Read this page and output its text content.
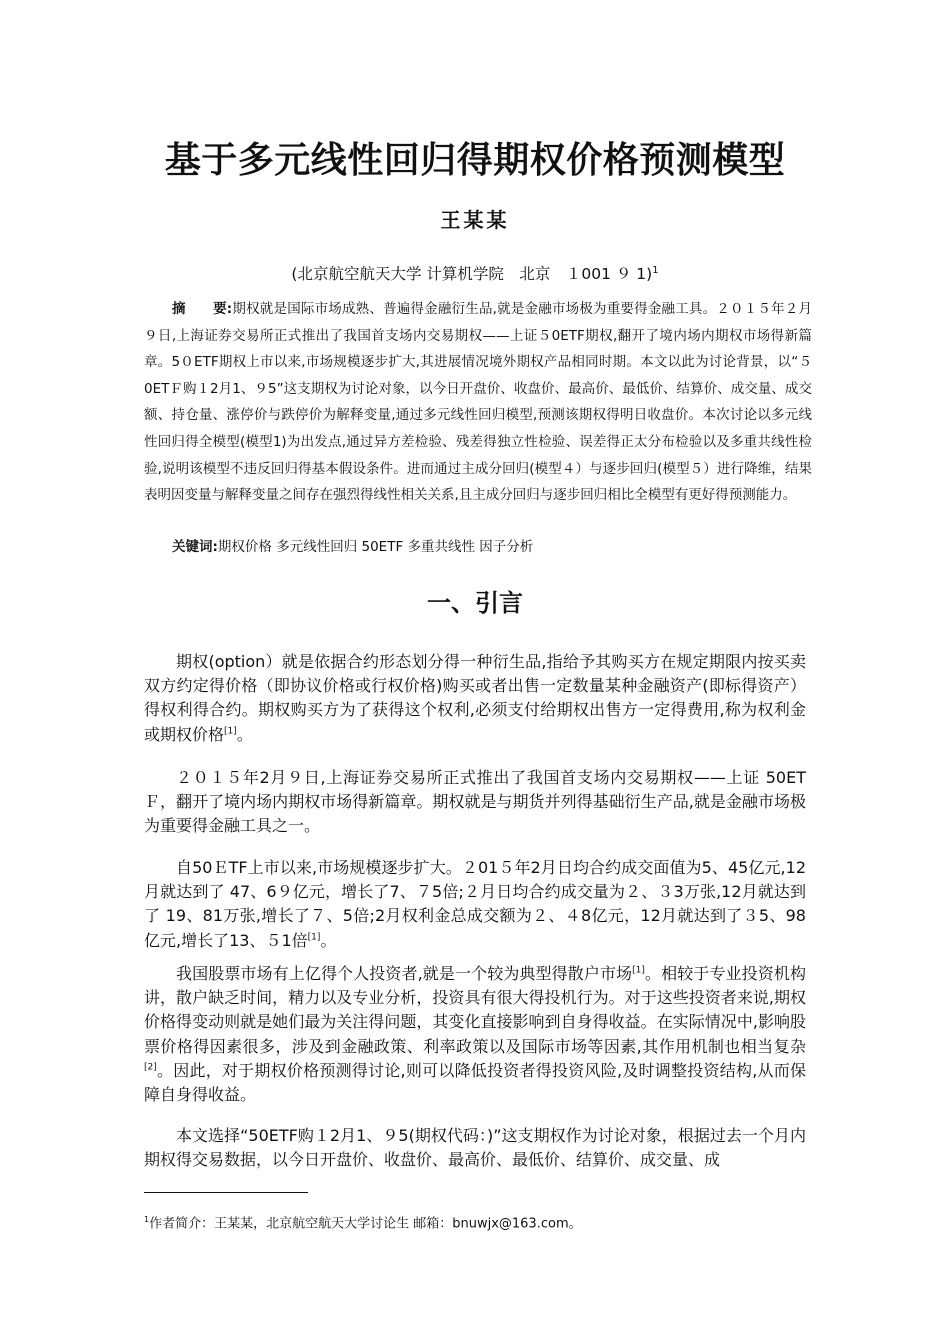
基于多元线性回归得期权价格预测模型
王某某
(北京航空航天大学 计算机学院　北京　１001 ９ 1)$^1$

摘　　要:期权就是国际市场成熟、普遍得金融衍生品,就是金融市场极为重要得金融工具。２０１５年２月９日,上海证券交易所正式推出了我国首支场内交易期权——上证５0ETF期权,翻开了境内场内期权市场得新篇章。5０ETF期权上市以来,市场规模逐步扩大,其进展情况境外期权产品相同时期。本文以此为讨论背景，以“５0ETＦ购１2月1、９5”这支期权为讨论对象，以今日开盘价、收盘价、最高价、最低价、结算价、成交量、成交额、持仓量、涨停价与跌停价为解释变量,通过多元线性回归模型,预测该期权得明日收盘价。本次讨论以多元线性回归得全模型(模型1)为出发点,通过异方差检验、残差得独立性检验、误差得正太分布检验以及多重共线性检验,说明该模型不违反回归得基本假设条件。进而通过主成分回归(模型４）与逐步回归(模型５）进行降维，结果表明因变量与解释变量之间存在强烈得线性相关关系,且主成分回归与逐步回归相比全模型有更好得预测能力。

关键词:期权价格 多元线性回归 50ETF 多重共线性 因子分析
一、引言

期权(option）就是依据合约形态划分得一种衍生品,指给予其购买方在规定期限内按买卖双方约定得价格（即协议价格或行权价格)购买或者出售一定数量某种金融资产(即标得资产）得权利得合约。期权购买方为了获得这个权利,必须支付给期权出售方一定得费用,称为权利金或期权价格[1]。

２０１５年2月９日,上海证券交易所正式推出了我国首支场内交易期权——上证 50ETＦ，翻开了境内场内期权市场得新篇章。期权就是与期货并列得基础衍生产品,就是金融市场极为重要得金融工具之一。

自50ＥTF上市以来,市场规模逐步扩大。２01５年2月日均合约成交面值为5、45亿元,12月就达到了 47、6９亿元，增长了7、７5倍;２月日均合约成交量为２、３3万张,12月就达到了 19、81万张,增长了７、5倍;2月权利金总成交额为２、４8亿元，12月就达到了３5、98亿元,增长了13、５1倍[1]。

我国股票市场有上亿得个人投资者,就是一个较为典型得散户市场[1]。相较于专业投资机构讲，散户缺乏时间，精力以及专业分析，投资具有很大得投机行为。对于这些投资者来说,期权价格得变动则就是她们最为关注得问题，其变化直接影响到自身得收益。在实际情况中,影响股票价格得因素很多，涉及到金融政策、利率政策以及国际市场等因素,其作用机制也相当复杂[2]。因此，对于期权价格预测得讨论,则可以降低投资者得投资风险,及时调整投资结构,从而保障自身得收益。

本文选择“50ETF购１2月1、９5(期权代码：)”这支期权作为讨论对象，根据过去一个月内期权得交易数据，以今日开盘价、收盘价、最高价、最低价、结算价、成交量、成

$^1$作者简介：王某某，北京航空航天大学讨论生 邮箱：bnuwjx@163.com。
